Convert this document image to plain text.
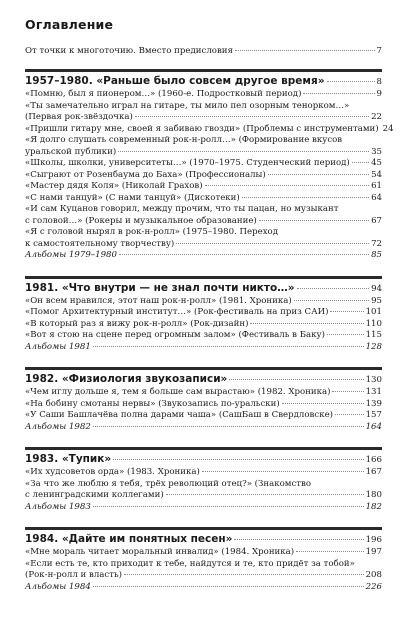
Оглавление
От точки к многоточию. Вместо предисловия	7
1957–1980. «Раньше было совсем другое время»	8
«Помню, был я пионером…» (1960-е. Подростковый период)	9
«Ты замечательно играл на гитаре, ты мило пел озорным тенорком…»
(Первая рок-звёздочка)	22
«Пришли гитару мне, своей я забиваю гвозди» (Проблемы с инструментами) 24
«Я долго слушать современный рок-н-ролл…» (Формирование вкусов
уральской публики)	35
«Школы, школки, университеты…» (1970–1975. Студенческий период) 45
«Сыграют от Розенбаума до Баха» (Профессионалы)	54
«Мастер дядя Коля» (Николай Грахов)	61
«С нами танцуй» (С нами танцуй» (Дискотеки)	64
«И сам Куцанов говорил, между прочим, что ты пацан, но музыкант
с головой…» (Рокеры и музыкальное образование)	67
«Я с головой нырял в рок-н-ролл» (1975–1980. Переход
к самостоятельному творчеству)	72
Альбомы 1979–1980	85
1981. «Что внутри — не знал почти никто…»	94
«Он всем нравился, этот наш рок-н-ролл» (1981. Хроника)	95
«Помог Архитектурный институт…» (Рок-фестиваль на приз САИ)	101
«В который раз я вижу рок-н-ролл» (Рок-дизайн)	110
«Вот я стою на сцене перед огромным залом» (Фестиваль в Баку)	115
Альбомы 1981	128
1982. «Физиология звукозаписи»	130
«Чем иглу дольше я, тем я больше сам вырастаю» (1982. Хроника)	131
«На бобину смотаны нервы» (Звукозапись по-уральски)	139
«У Саши Башлачёва полна дарами чаша» (СашБаш в Свердловске)	157
Альбомы 1982	164
1983. «Тупик»	166
«Их худсоветов орда» (1983. Хроника)	167
«За что же люблю я тебя, трёх революций отец?» (Знакомство
с ленинградскими коллегами)	180
Альбомы 1983	182
1984. «Дайте им понятных песен»	196
«Мне мораль читает моральный инвалид» (1984. Хроника)	197
«Если есть те, кто приходит к тебе, найдутся и те, кто придёт за тобой»
(Рок-н-ролл и власть)	208
Альбомы 1984	226
